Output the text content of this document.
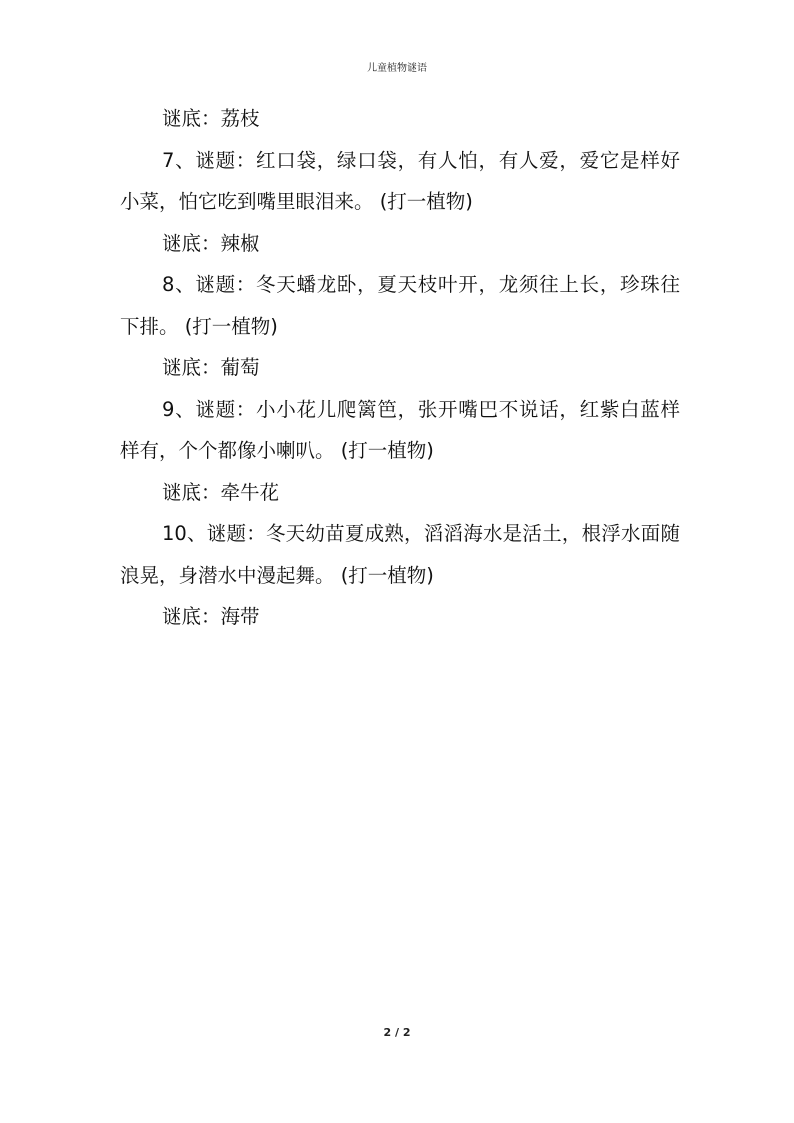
儿童植物谜语

谜底：荔枝

7、谜题：红口袋，绿口袋，有人怕，有人爱，爱它是样好小菜，怕它吃到嘴里眼泪来。 (打一植物)

谜底：辣椒

8、谜题：冬天蟠龙卧，夏天枝叶开，龙须往上长，珍珠往下排。 (打一植物)

谜底：葡萄

9、谜题：小小花儿爬篱笆，张开嘴巴不说话，红紫白蓝样样有，个个都像小喇叭。 (打一植物)

谜底：牵牛花

10、谜题：冬天幼苗夏成熟，滔滔海水是活土，根浮水面随浪晃，身潜水中漫起舞。 (打一植物)

谜底：海带

2 / 2
